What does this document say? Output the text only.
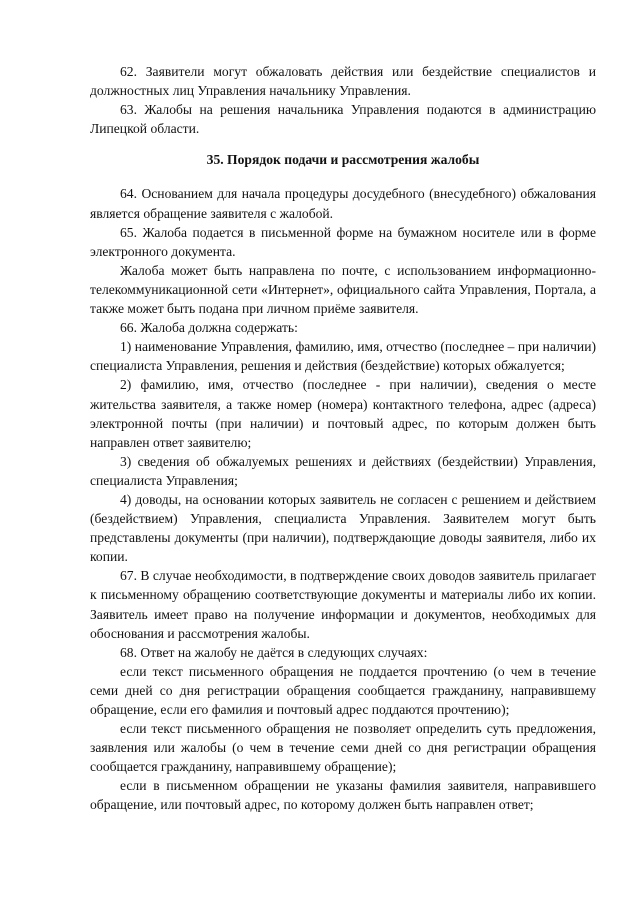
62. Заявители могут обжаловать действия или бездействие специалистов и должностных лиц Управления начальнику Управления.

63. Жалобы на решения начальника Управления подаются в администрацию Липецкой области.

35. Порядок подачи и рассмотрения жалобы

64. Основанием для начала процедуры досудебного (внесудебного) обжалования является обращение заявителя с жалобой.

65. Жалоба подается в письменной форме на бумажном носителе или в форме электронного документа.

Жалоба может быть направлена по почте, с использованием информационно-телекоммуникационной сети «Интернет», официального сайта Управления, Портала, а также может быть подана при личном приёме заявителя.

66. Жалоба должна содержать:

1) наименование Управления, фамилию, имя, отчество (последнее – при наличии) специалиста Управления, решения и действия (бездействие) которых обжалуется;

2) фамилию, имя, отчество (последнее - при наличии), сведения о месте жительства заявителя, а также номер (номера) контактного телефона, адрес (адреса) электронной почты (при наличии) и почтовый адрес, по которым должен быть направлен ответ заявителю;

3) сведения об обжалуемых решениях и действиях (бездействии) Управления, специалиста Управления;

4) доводы, на основании которых заявитель не согласен с решением и действием (бездействием) Управления, специалиста Управления. Заявителем могут быть представлены документы (при наличии), подтверждающие доводы заявителя, либо их копии.

67. В случае необходимости, в подтверждение своих доводов заявитель прилагает к письменному обращению соответствующие документы и материалы либо их копии. Заявитель имеет право на получение информации и документов, необходимых для обоснования и рассмотрения жалобы.

68. Ответ на жалобу не даётся в следующих случаях:

если текст письменного обращения не поддается прочтению (о чем в течение семи дней со дня регистрации обращения сообщается гражданину, направившему обращение, если его фамилия и почтовый адрес поддаются прочтению);

если текст письменного обращения не позволяет определить суть предложения, заявления или жалобы (о чем в течение семи дней со дня регистрации обращения сообщается гражданину, направившему обращение);

если в письменном обращении не указаны фамилия заявителя, направившего обращение, или почтовый адрес, по которому должен быть направлен ответ;
